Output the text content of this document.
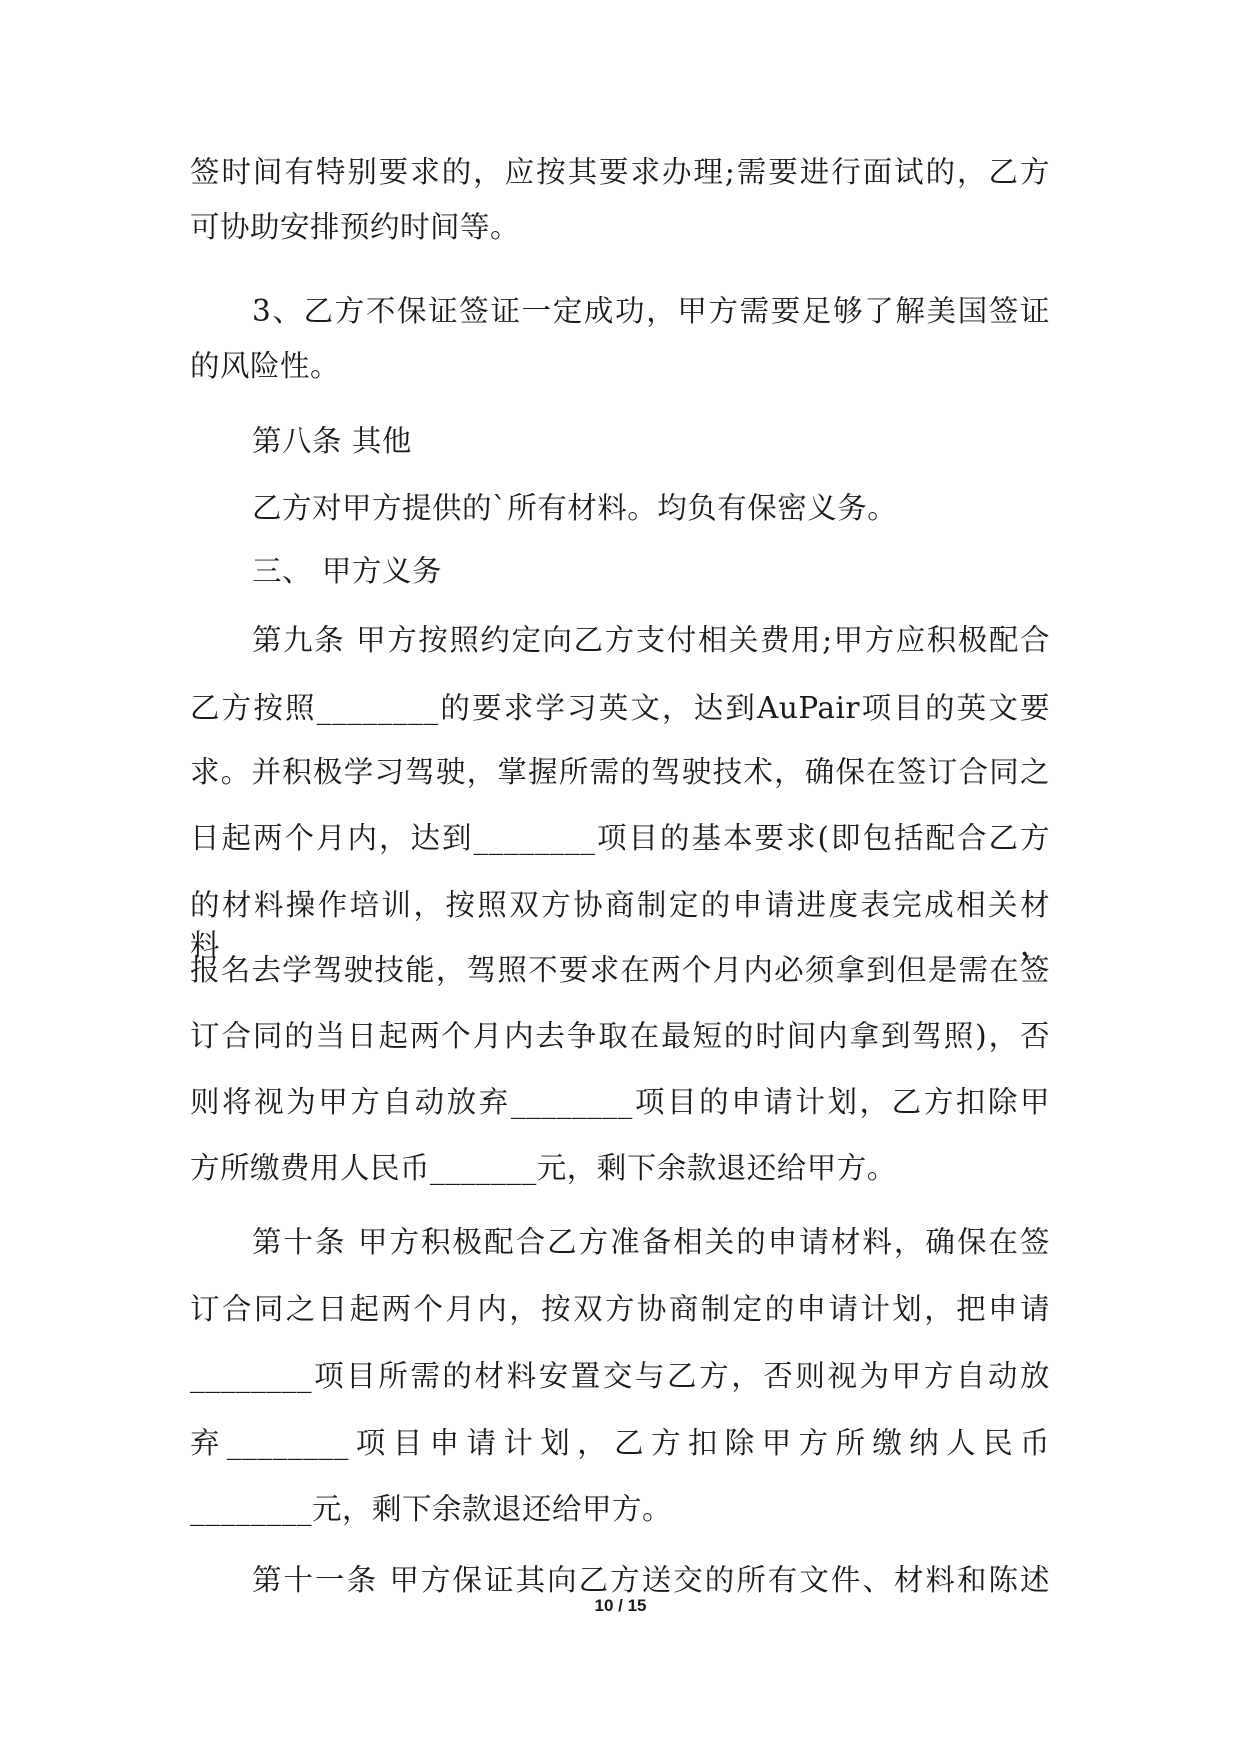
签时间有特别要求的，应按其要求办理;需要进行面试的，乙方
可协助安排预约时间等。
3、乙方不保证签证一定成功，甲方需要足够了解美国签证
的风险性。
第八条 其他
乙方对甲方提供的`所有材料。均负有保密义务。
三、 甲方义务
第九条 甲方按照约定向乙方支付相关费用;甲方应积极配合
乙方按照________的要求学习英文，达到AuPair项目的英文要
求。并积极学习驾驶，掌握所需的驾驶技术，确保在签订合同之
日起两个月内，达到________项目的基本要求(即包括配合乙方
的材料操作培训，按照双方协商制定的申请进度表完成相关材料，
报名去学驾驶技能，驾照不要求在两个月内必须拿到但是需在签
订合同的当日起两个月内去争取在最短的时间内拿到驾照)，否
则将视为甲方自动放弃________项目的申请计划，乙方扣除甲
方所缴费用人民币_______元，剩下余款退还给甲方。
第十条 甲方积极配合乙方准备相关的申请材料，确保在签
订合同之日起两个月内，按双方协商制定的申请计划，把申请
________项目所需的材料安置交与乙方，否则视为甲方自动放
弃________项目申请计划，乙方扣除甲方所缴纳人民币
________元，剩下余款退还给甲方。
第十一条 甲方保证其向乙方送交的所有文件、材料和陈述
10 / 15
